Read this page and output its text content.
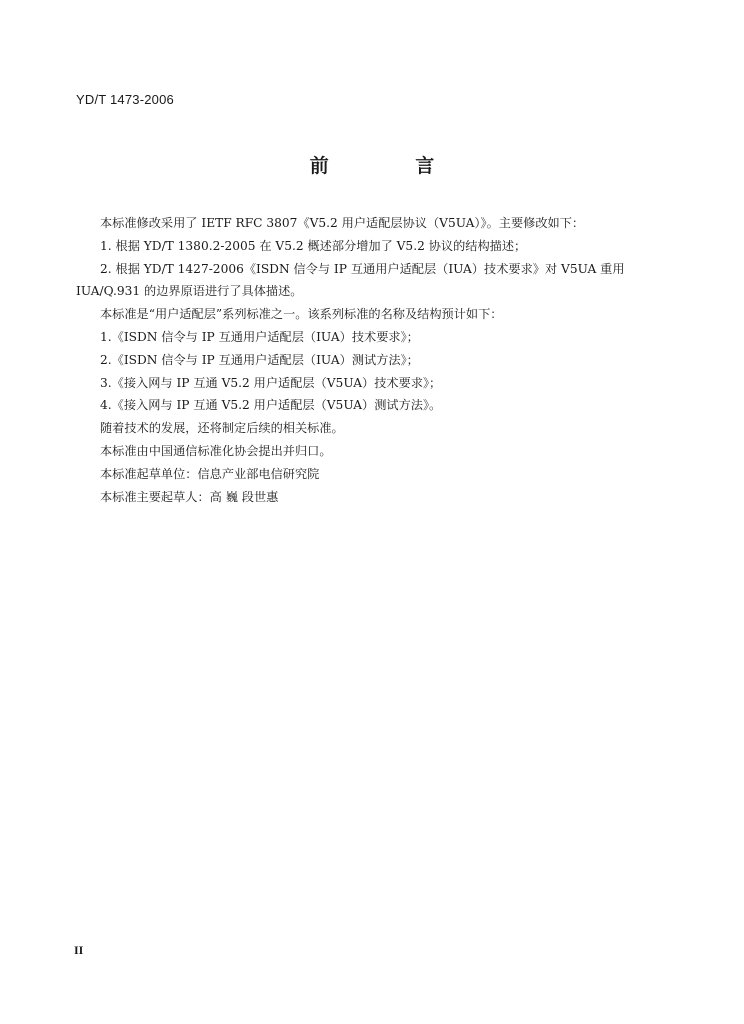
YD/T 1473-2006
前 言

本标准修改采用了 IETF RFC 3807《V5.2 用户适配层协议（V5UA）》。主要修改如下：

1. 根据 YD/T 1380.2-2005 在 V5.2 概述部分增加了 V5.2 协议的结构描述；

2. 根据 YD/T 1427-2006《ISDN 信令与 IP 互通用户适配层（IUA）技术要求》对 V5UA 重用 IUA/Q.931 的边界原语进行了具体描述。

本标准是“用户适配层”系列标准之一。该系列标准的名称及结构预计如下：

1.《ISDN 信令与 IP 互通用户适配层（IUA）技术要求》；

2.《ISDN 信令与 IP 互通用户适配层（IUA）测试方法》；

3.《接入网与 IP 互通 V5.2 用户适配层（V5UA）技术要求》；

4.《接入网与 IP 互通 V5.2 用户适配层（V5UA）测试方法》。

随着技术的发展，还将制定后续的相关标准。

本标准由中国通信标准化协会提出并归口。

本标准起草单位：信息产业部电信研究院

本标准主要起草人：高 巍 段世惠

II
